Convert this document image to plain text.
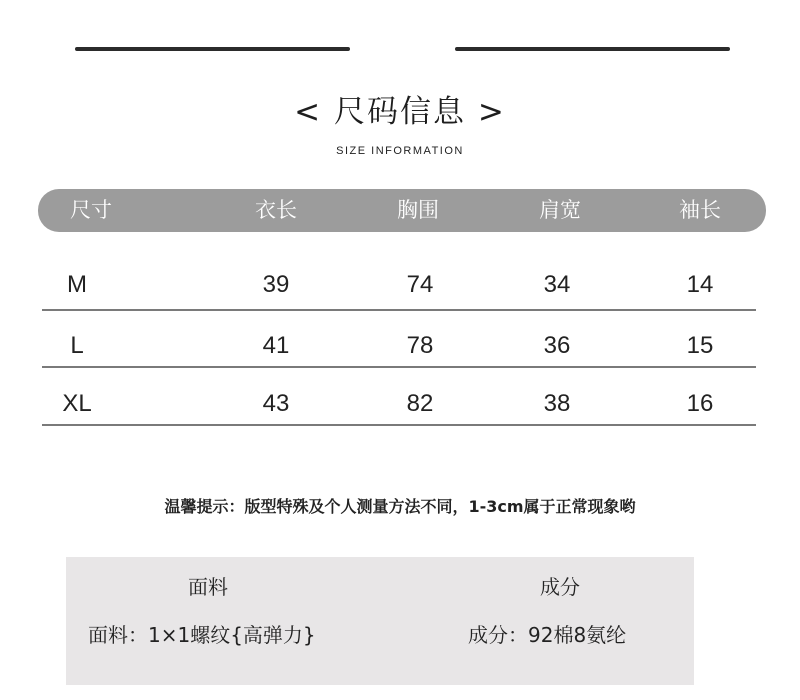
< 尺码信息 >
SIZE INFORMATION
尺寸	衣长	胸围	肩宽	袖长
M	39	74	34	14
L	41	78	36	15
XL	43	82	38	16
温馨提示：版型特殊及个人测量方法不同，1-3cm属于正常现象哟
面料	成分
面料：1×1螺纹{高弹力}	成分：92棉8氨纶
